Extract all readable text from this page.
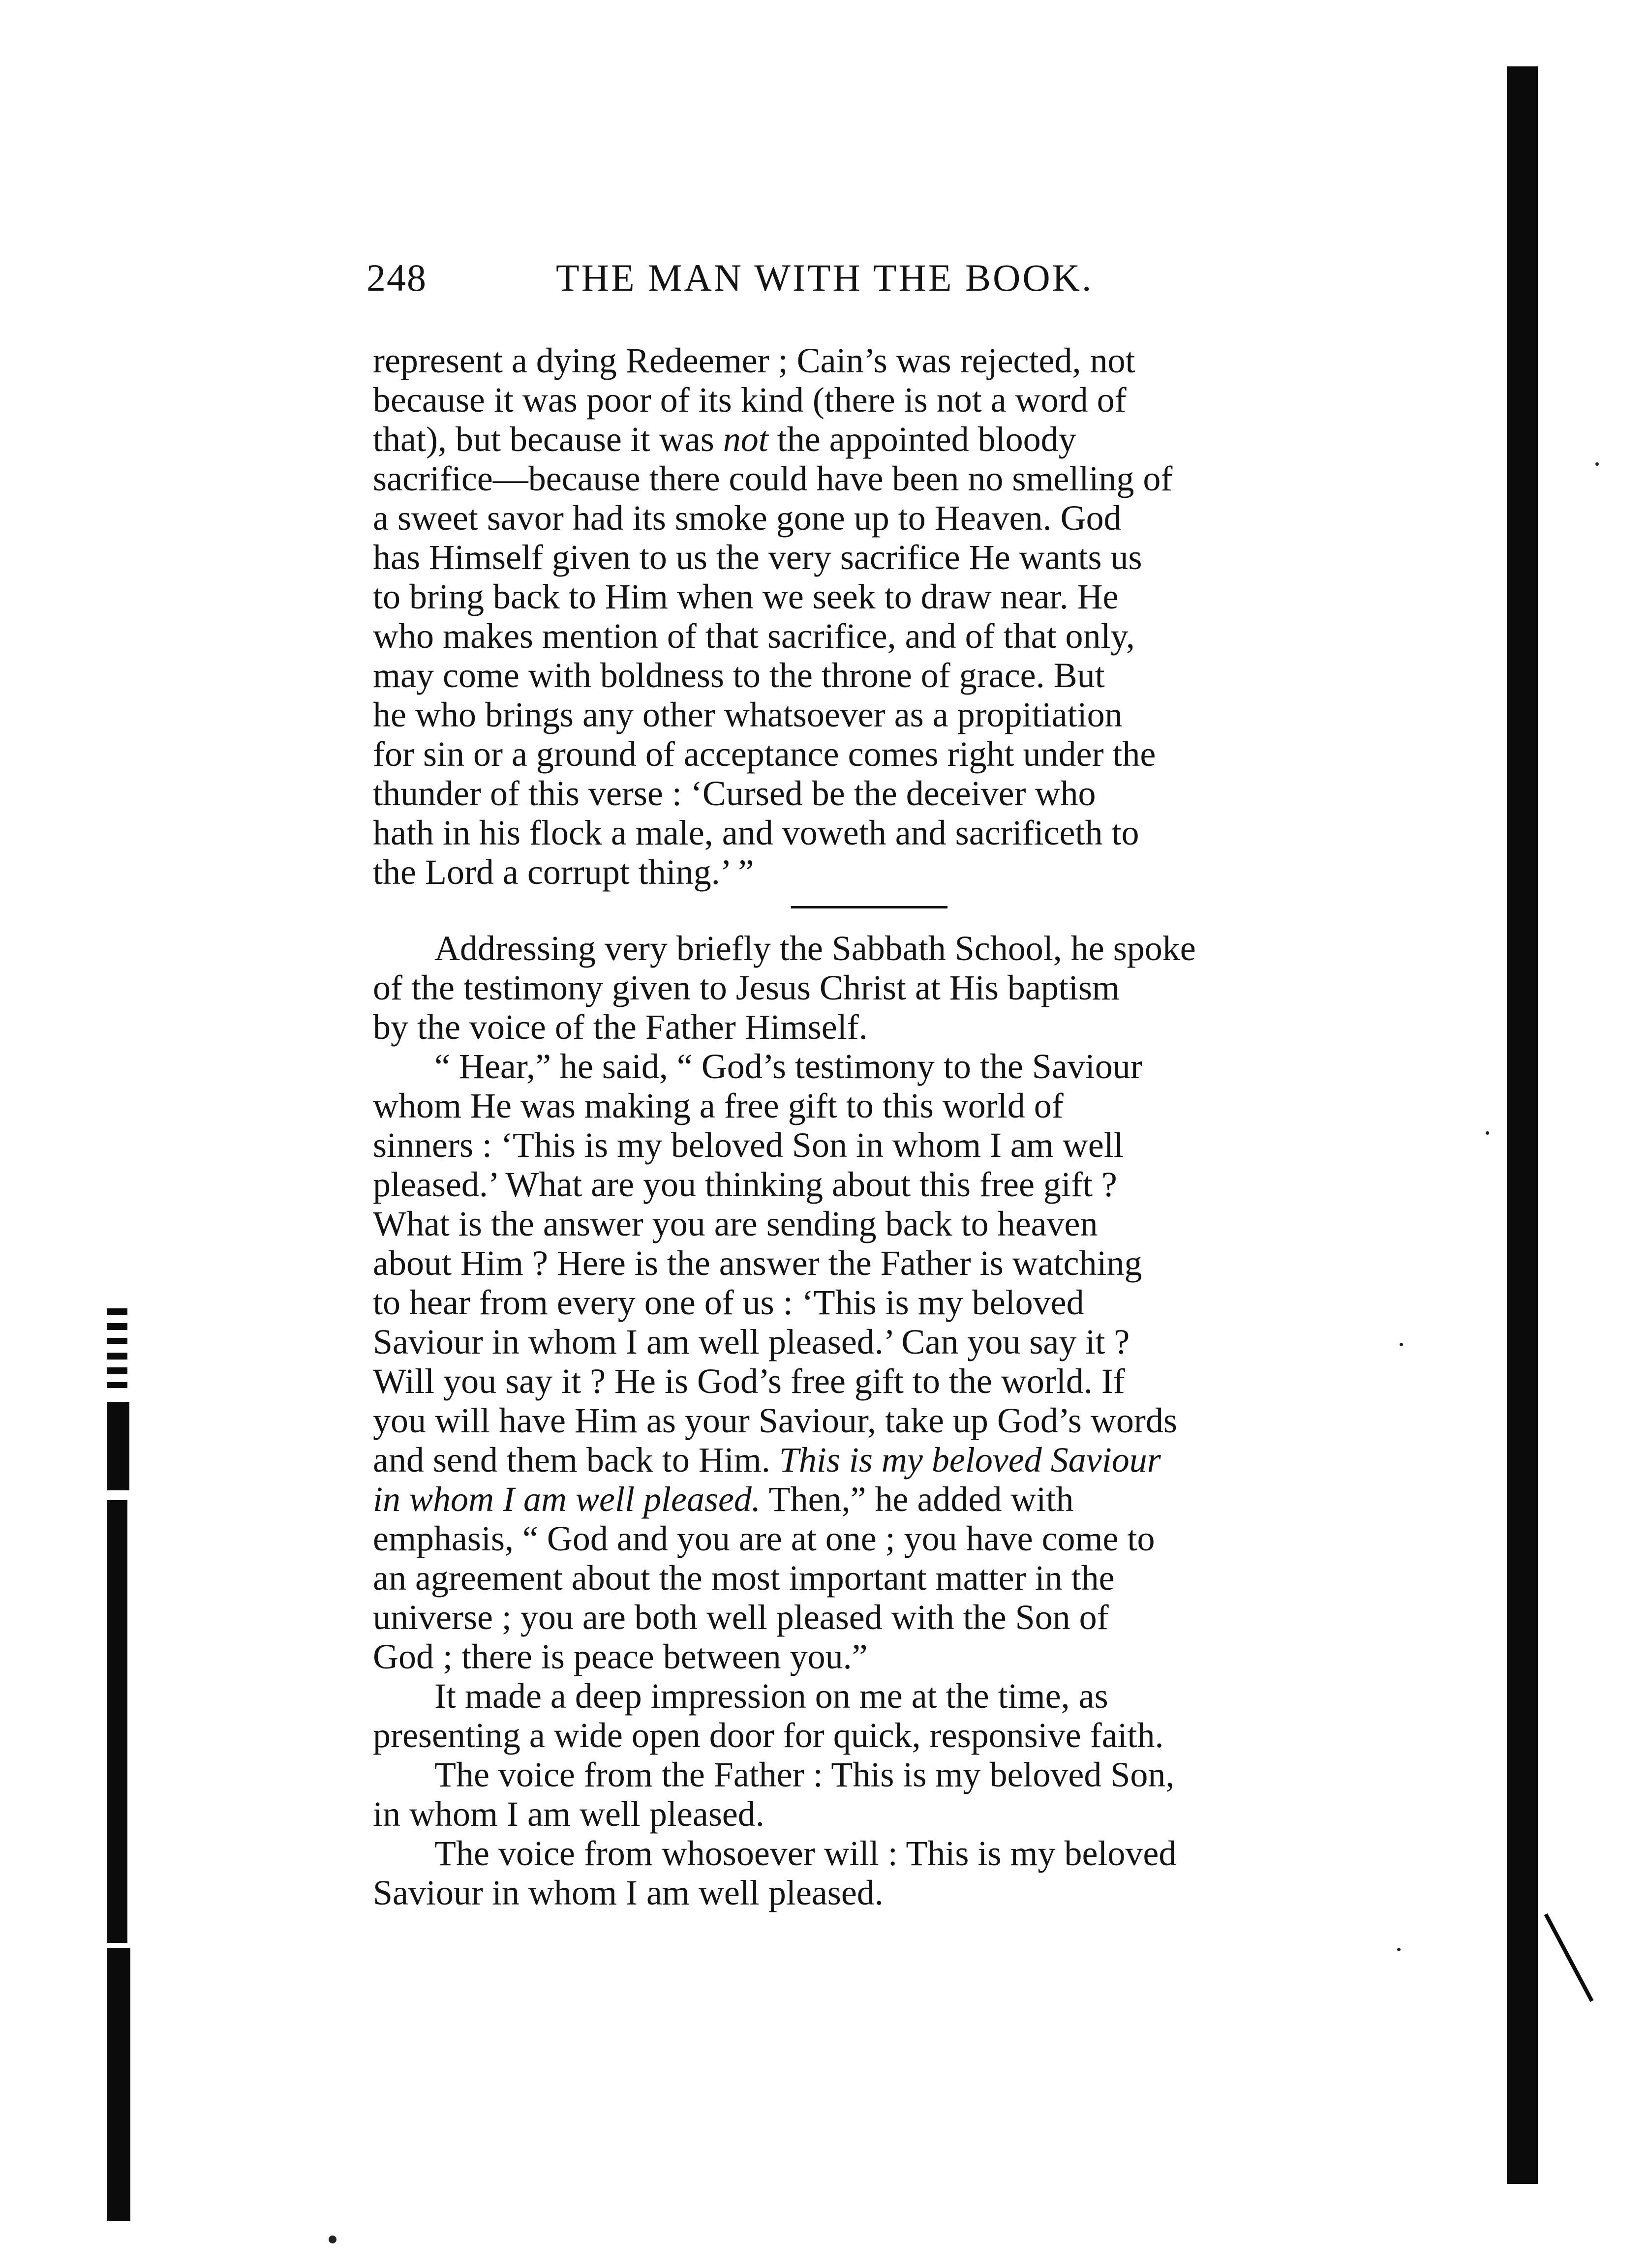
248	THE MAN WITH THE BOOK.

represent a dying Redeemer ; Cain’s was rejected, not
because it was poor of its kind (there is not a word of
that), but because it was not the appointed bloody
sacrifice—because there could have been no smelling of
a sweet savor had its smoke gone up to Heaven. God
has Himself given to us the very sacrifice He wants us
to bring back to Him when we seek to draw near. He
who makes mention of that sacrifice, and of that only,
may come with boldness to the throne of grace. But
he who brings any other whatsoever as a propitiation
for sin or a ground of acceptance comes right under the
thunder of this verse : ‘Cursed be the deceiver who
hath in his flock a male, and voweth and sacrificeth to
the Lord a corrupt thing.’ ”

Addressing very briefly the Sabbath School, he spoke
of the testimony given to Jesus Christ at His baptism
by the voice of the Father Himself.

“ Hear,” he said, “ God’s testimony to the Saviour
whom He was making a free gift to this world of
sinners : ‘This is my beloved Son in whom I am well
pleased.’ What are you thinking about this free gift ?
What is the answer you are sending back to heaven
about Him ? Here is the answer the Father is watching
to hear from every one of us : ‘This is my beloved
Saviour in whom I am well pleased.’ Can you say it ?
Will you say it ? He is God’s free gift to the world. If
you will have Him as your Saviour, take up God’s words
and send them back to Him. This is my beloved Saviour
in whom I am well pleased. Then,” he added with
emphasis, “ God and you are at one ; you have come to
an agreement about the most important matter in the
universe ; you are both well pleased with the Son of
God ; there is peace between you.”

It made a deep impression on me at the time, as
presenting a wide open door for quick, responsive faith.

The voice from the Father : This is my beloved Son,
in whom I am well pleased.

The voice from whosoever will : This is my beloved
Saviour in whom I am well pleased.
